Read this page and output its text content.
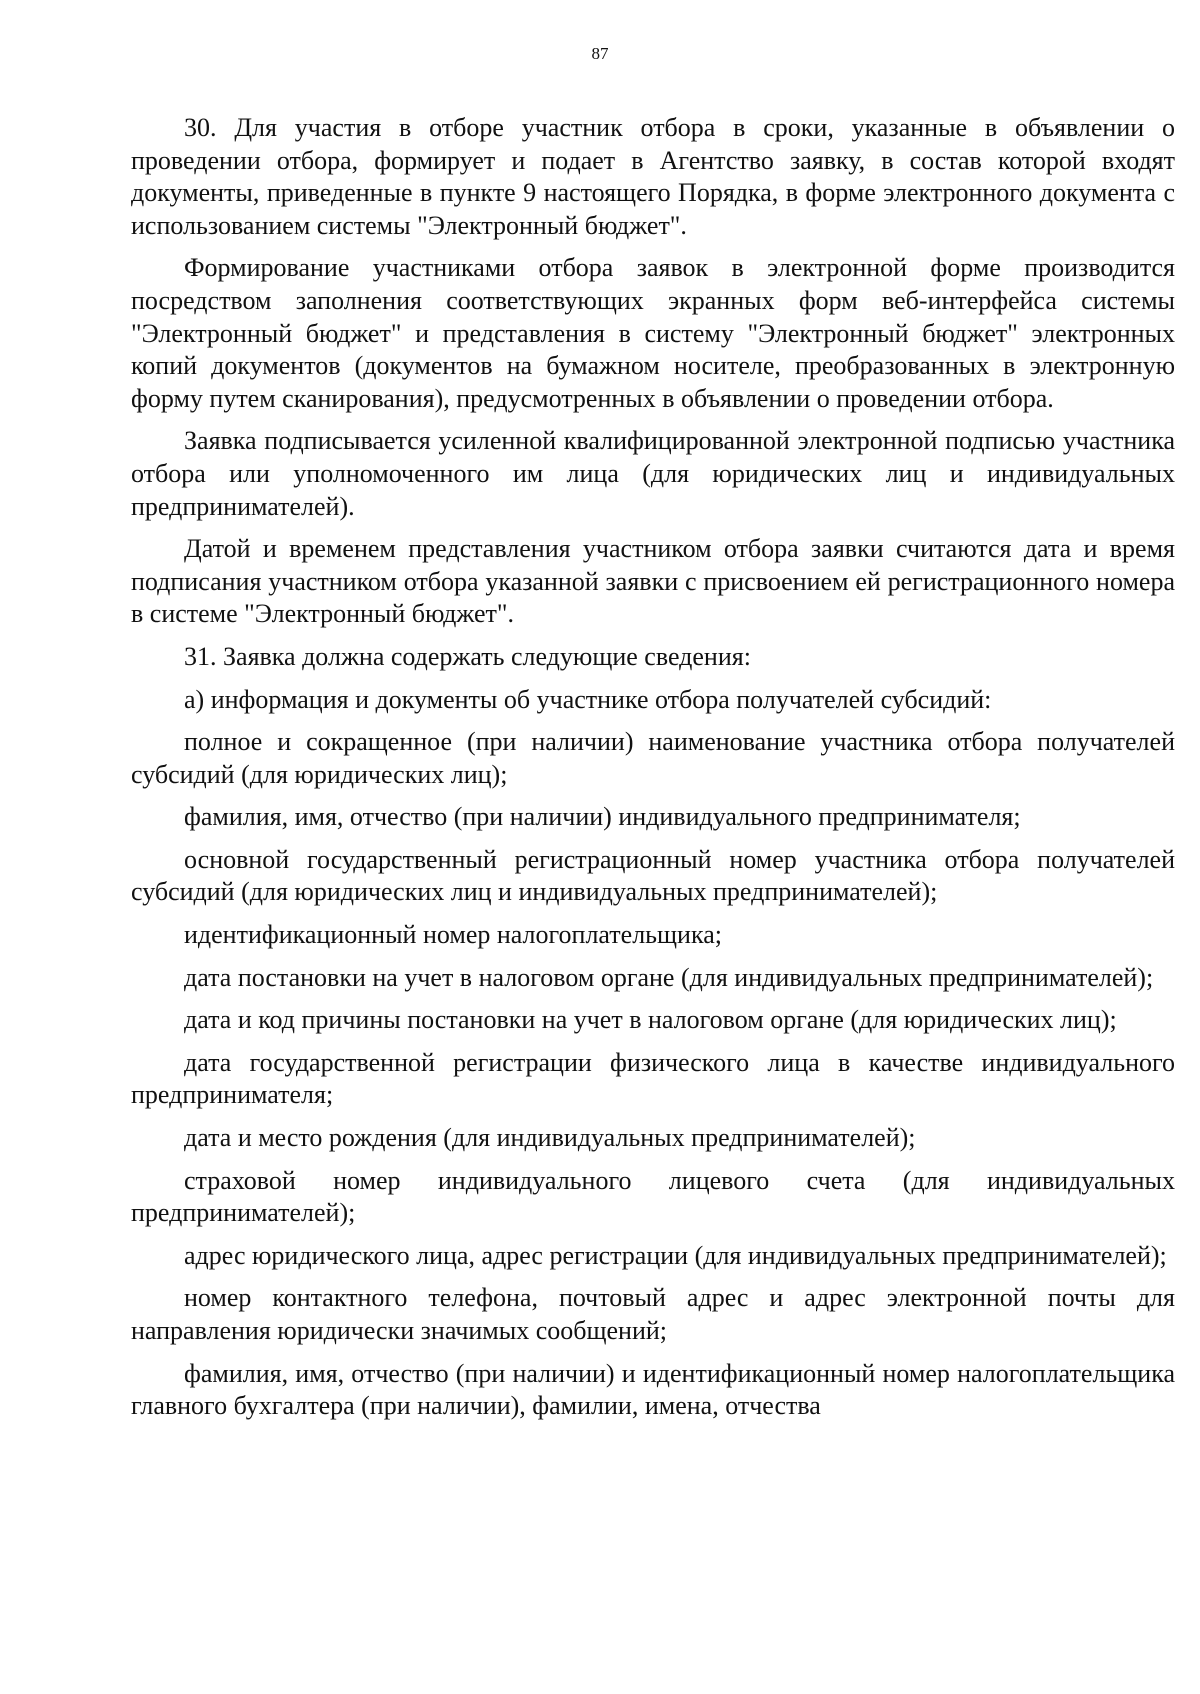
87

30. Для участия в отборе участник отбора в сроки, указанные в объявлении о проведении отбора, формирует и подает в Агентство заявку, в состав которой входят документы, приведенные в пункте 9 настоящего Порядка, в форме электронного документа с использованием системы "Электронный бюджет".

Формирование участниками отбора заявок в электронной форме производится посредством заполнения соответствующих экранных форм веб-интерфейса системы "Электронный бюджет" и представления в систему "Электронный бюджет" электронных копий документов (документов на бумажном носителе, преобразованных в электронную форму путем сканирования), предусмотренных в объявлении о проведении отбора.

Заявка подписывается усиленной квалифицированной электронной подписью участника отбора или уполномоченного им лица (для юридических лиц и индивидуальных предпринимателей).

Датой и временем представления участником отбора заявки считаются дата и время подписания участником отбора указанной заявки с присвоением ей регистрационного номера в системе "Электронный бюджет".

31. Заявка должна содержать следующие сведения:

а) информация и документы об участнике отбора получателей субсидий:

полное и сокращенное (при наличии) наименование участника отбора получателей субсидий (для юридических лиц);

фамилия, имя, отчество (при наличии) индивидуального предпринимателя;

основной государственный регистрационный номер участника отбора получателей субсидий (для юридических лиц и индивидуальных предпринимателей);

идентификационный номер налогоплательщика;

дата постановки на учет в налоговом органе (для индивидуальных предпринимателей);

дата и код причины постановки на учет в налоговом органе (для юридических лиц);

дата государственной регистрации физического лица в качестве индивидуального предпринимателя;

дата и место рождения (для индивидуальных предпринимателей);

страховой номер индивидуального лицевого счета (для индивидуальных предпринимателей);

адрес юридического лица, адрес регистрации (для индивидуальных предпринимателей);

номер контактного телефона, почтовый адрес и адрес электронной почты для направления юридически значимых сообщений;

фамилия, имя, отчество (при наличии) и идентификационный номер налогоплательщика главного бухгалтера (при наличии), фамилии, имена, отчества
